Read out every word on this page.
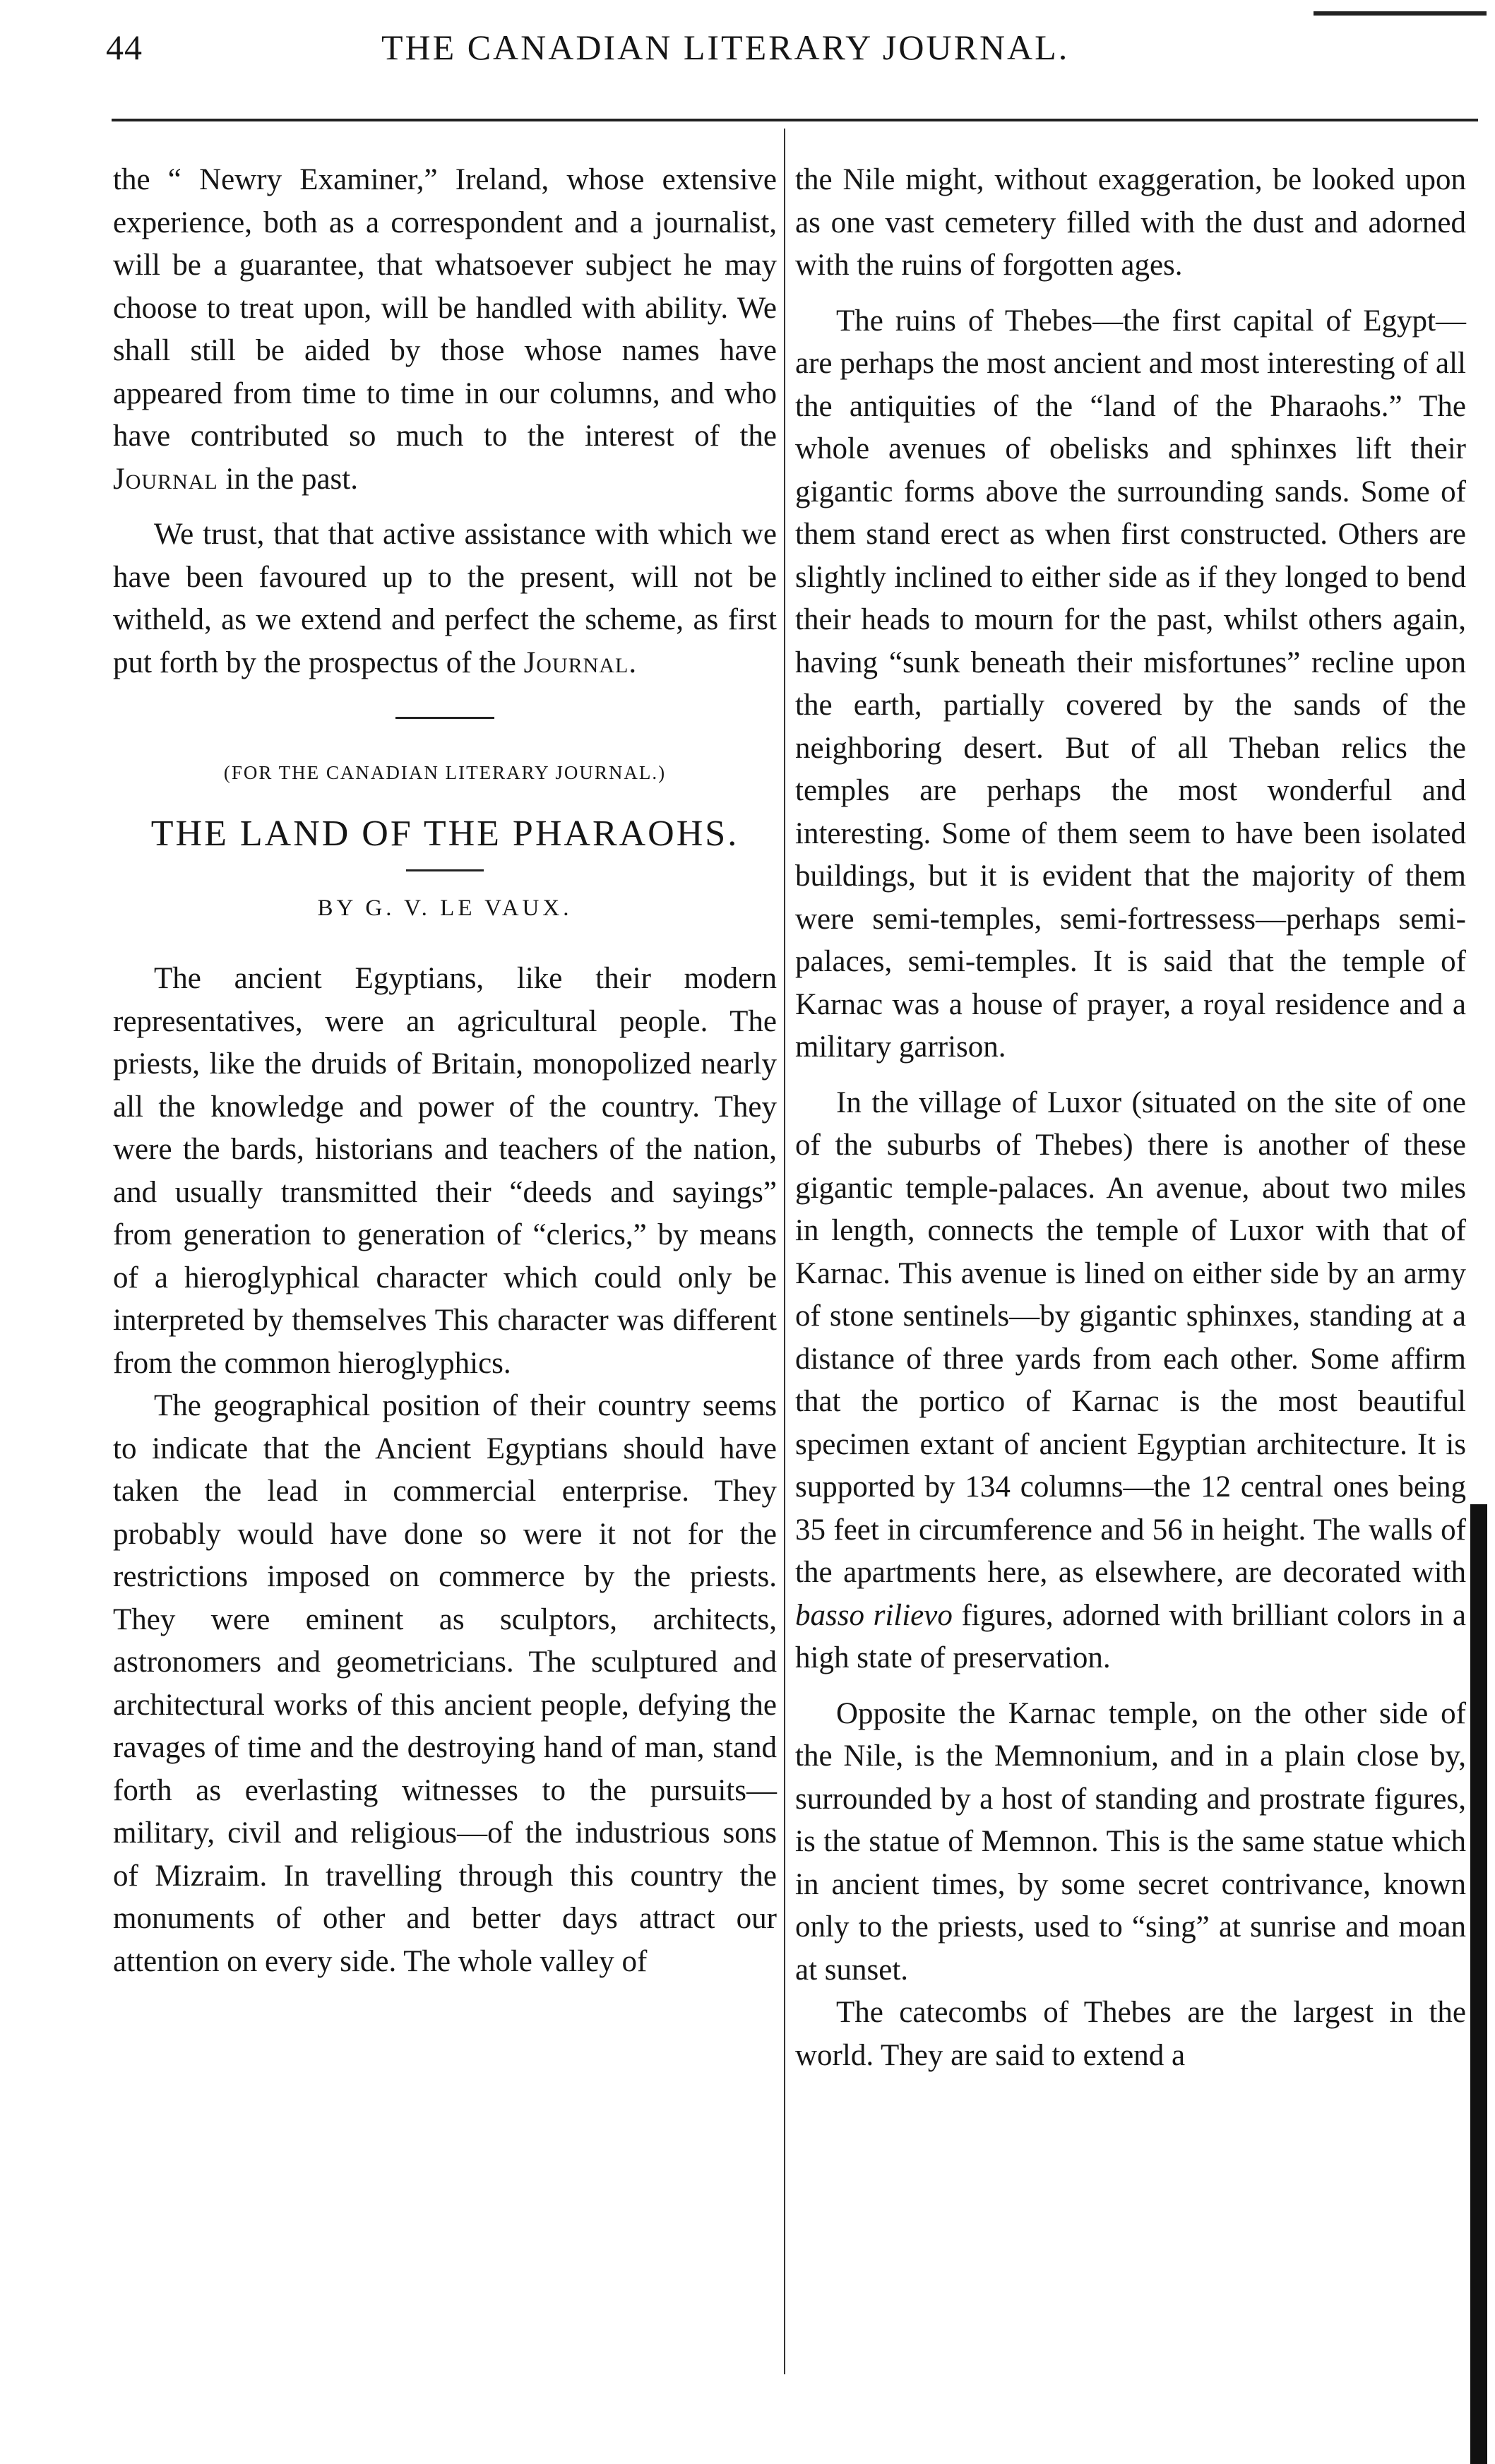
44	THE CANADIAN LITERARY JOURNAL.

the “ Newry Examiner,” Ireland, whose extensive experience, both as a correspondent and a journalist, will be a guarantee, that whatsoever subject he may choose to treat upon, will be handled with ability. We shall still be aided by those whose names have appeared from time to time in our columns, and who have contributed so much to the interest of the Journal in the past.

We trust, that that active assistance with which we have been favoured up to the present, will not be witheld, as we extend and perfect the scheme, as first put forth by the prospectus of the Journal.

(FOR THE CANADIAN LITERARY JOURNAL.)

THE LAND OF THE PHARAOHS.

BY G. V. LE VAUX.

The ancient Egyptians, like their modern representatives, were an agricultural people. The priests, like the druids of Britain, monopolized nearly all the knowledge and power of the country. They were the bards, historians and teachers of the nation, and usually transmitted their “deeds and sayings” from generation to generation of “clerics,” by means of a hieroglyphical character which could only be interpreted by themselves This character was different from the common hieroglyphics.

The geographical position of their country seems to indicate that the Ancient Egyptians should have taken the lead in commercial enterprise. They probably would have done so were it not for the restrictions imposed on commerce by the priests. They were eminent as sculptors, architects, astronomers and geometricians. The sculptured and architectural works of this ancient people, defying the ravages of time and the destroying hand of man, stand forth as everlasting witnesses to the pursuits—military, civil and religious—of the industrious sons of Mizraim. In travelling through this country the monuments of other and better days attract our attention on every side. The whole valley of

the Nile might, without exaggeration, be looked upon as one vast cemetery filled with the dust and adorned with the ruins of forgotten ages.

The ruins of Thebes—the first capital of Egypt—are perhaps the most ancient and most interesting of all the antiquities of the “land of the Pharaohs.” The whole avenues of obelisks and sphinxes lift their gigantic forms above the surrounding sands. Some of them stand erect as when first constructed. Others are slightly inclined to either side as if they longed to bend their heads to mourn for the past, whilst others again, having “sunk beneath their misfortunes” recline upon the earth, partially covered by the sands of the neighboring desert. But of all Theban relics the temples are perhaps the most wonderful and interesting. Some of them seem to have been isolated buildings, but it is evident that the majority of them were semi-temples, semi-fortressess—perhaps semi-palaces, semi-temples. It is said that the temple of Karnac was a house of prayer, a royal residence and a military garrison.

In the village of Luxor (situated on the site of one of the suburbs of Thebes) there is another of these gigantic temple-palaces. An avenue, about two miles in length, connects the temple of Luxor with that of Karnac. This avenue is lined on either side by an army of stone sentinels—by gigantic sphinxes, standing at a distance of three yards from each other. Some affirm that the portico of Karnac is the most beautiful specimen extant of ancient Egyptian architecture. It is supported by 134 columns—the 12 central ones being 35 feet in circumference and 56 in height. The walls of the apartments here, as elsewhere, are decorated with basso rilievo figures, adorned with brilliant colors in a high state of preservation.

Opposite the Karnac temple, on the other side of the Nile, is the Memnonium, and in a plain close by, surrounded by a host of standing and prostrate figures, is the statue of Memnon. This is the same statue which in ancient times, by some secret contrivance, known only to the priests, used to “sing” at sunrise and moan at sunset.

The catecombs of Thebes are the largest in the world. They are said to extend a
